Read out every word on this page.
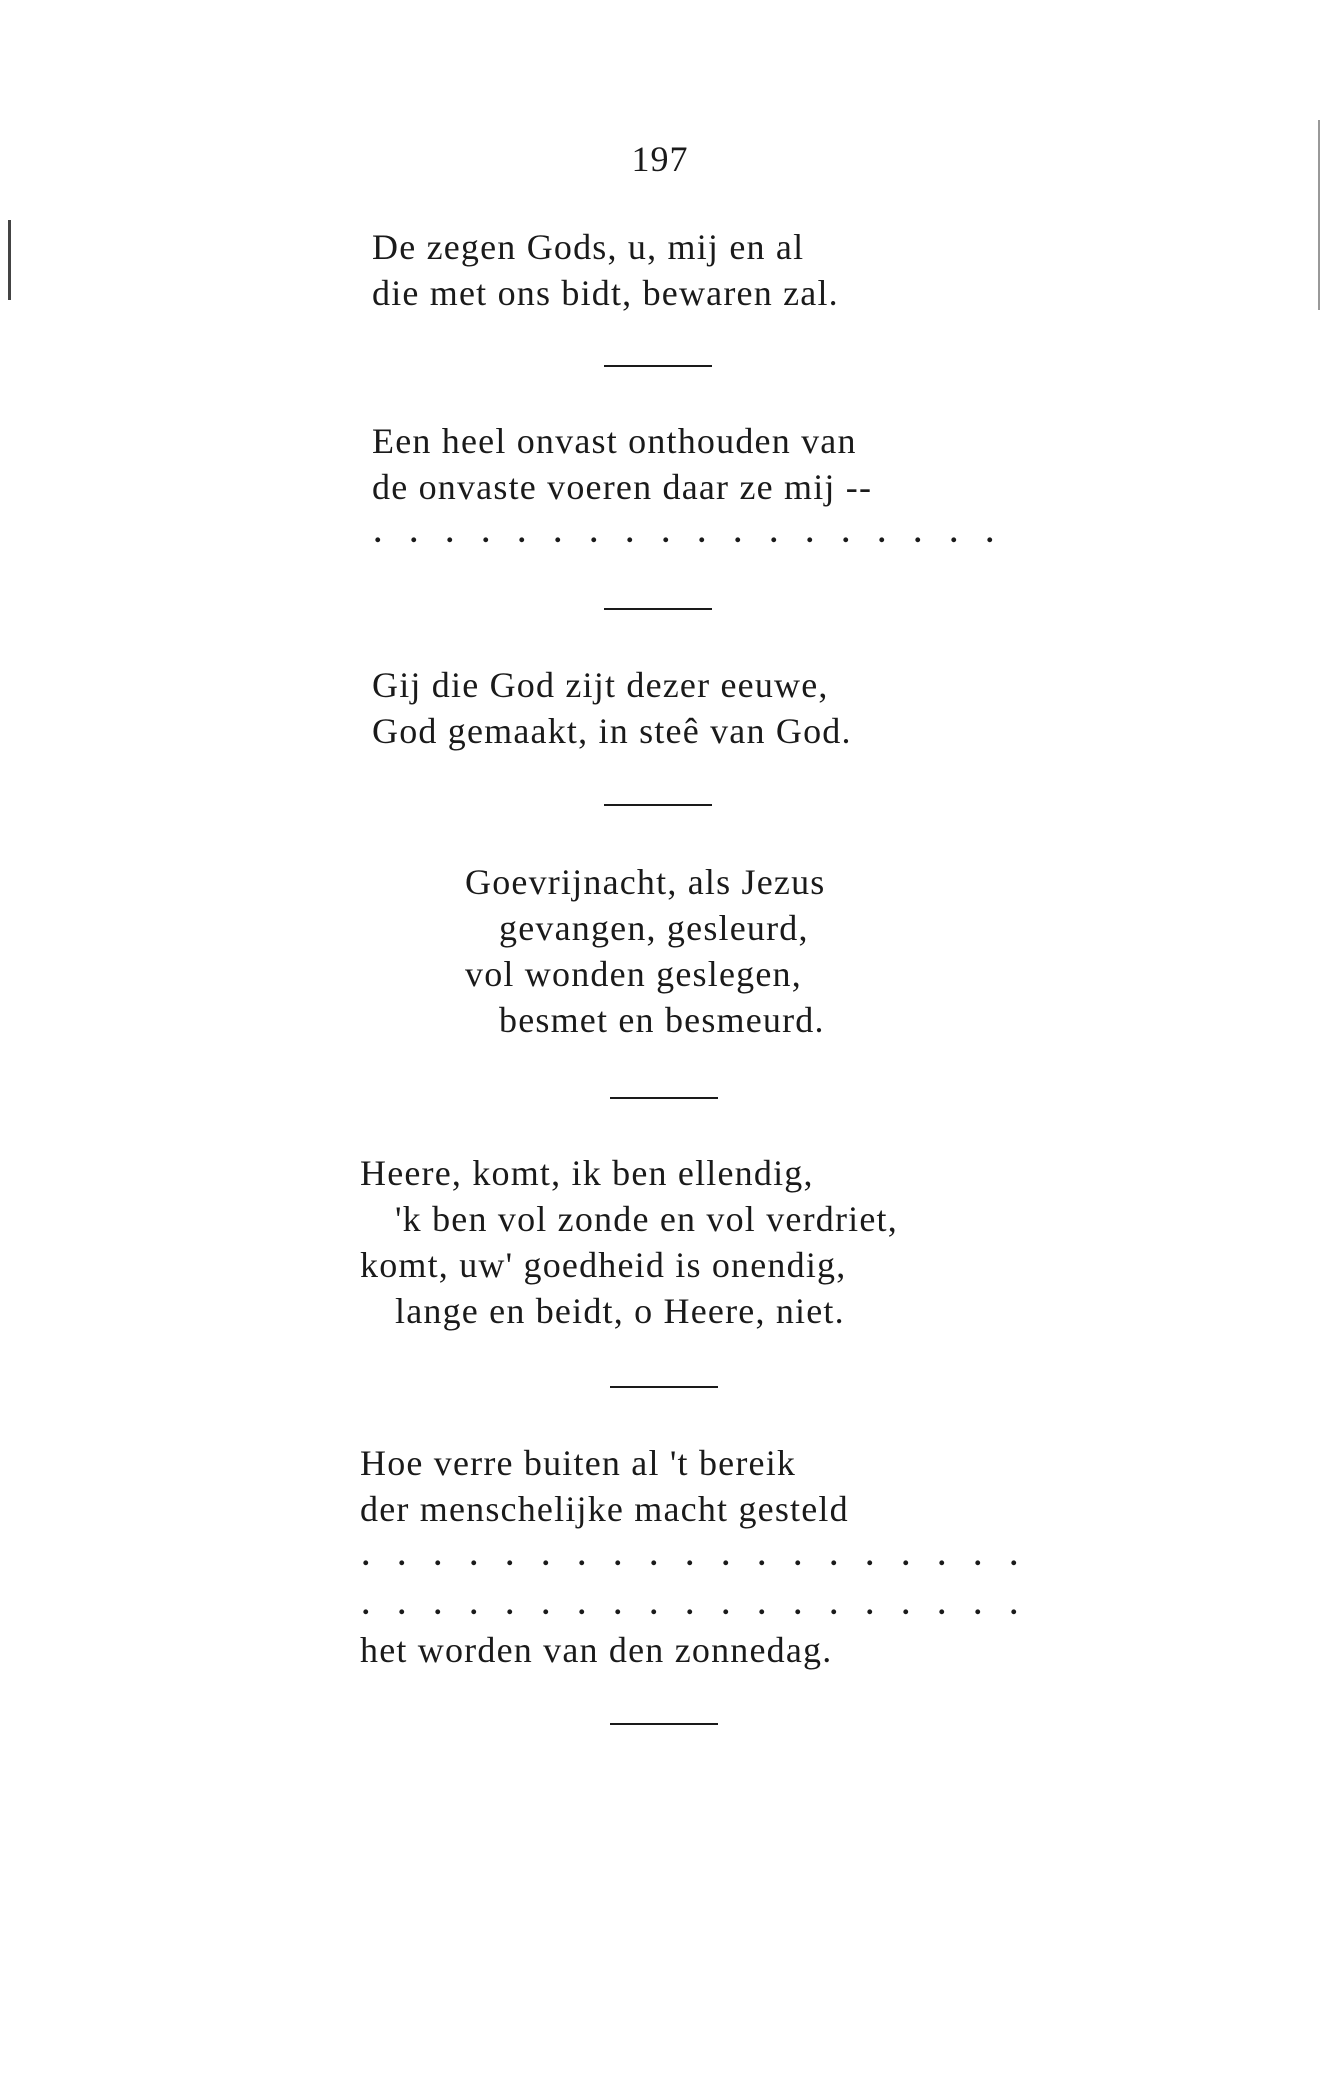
197
De zegen Gods, u, mij en al
die met ons bidt, bewaren zal.
Een heel onvast onthouden van
de onvaste voeren daar ze mij --
. . . . . . . . . . . . . . . . . .
Gij die God zijt dezer eeuwe,
God gemaakt, in steê van God.
Goevrijnacht, als Jezus
gevangen, gesleurd,
vol wonden geslegen,
besmet en besmeurd.
Heere, komt, ik ben ellendig,
'k ben vol zonde en vol verdriet,
komt, uw' goedheid is onendig,
lange en beidt, o Heere, niet.
Hoe verre buiten al 't bereik
der menschelijke macht gesteld
. . . . . . . . . . . . . . . . . . .
. . . . . . . . . . . . . . . . . . .
het worden van den zonnedag.
